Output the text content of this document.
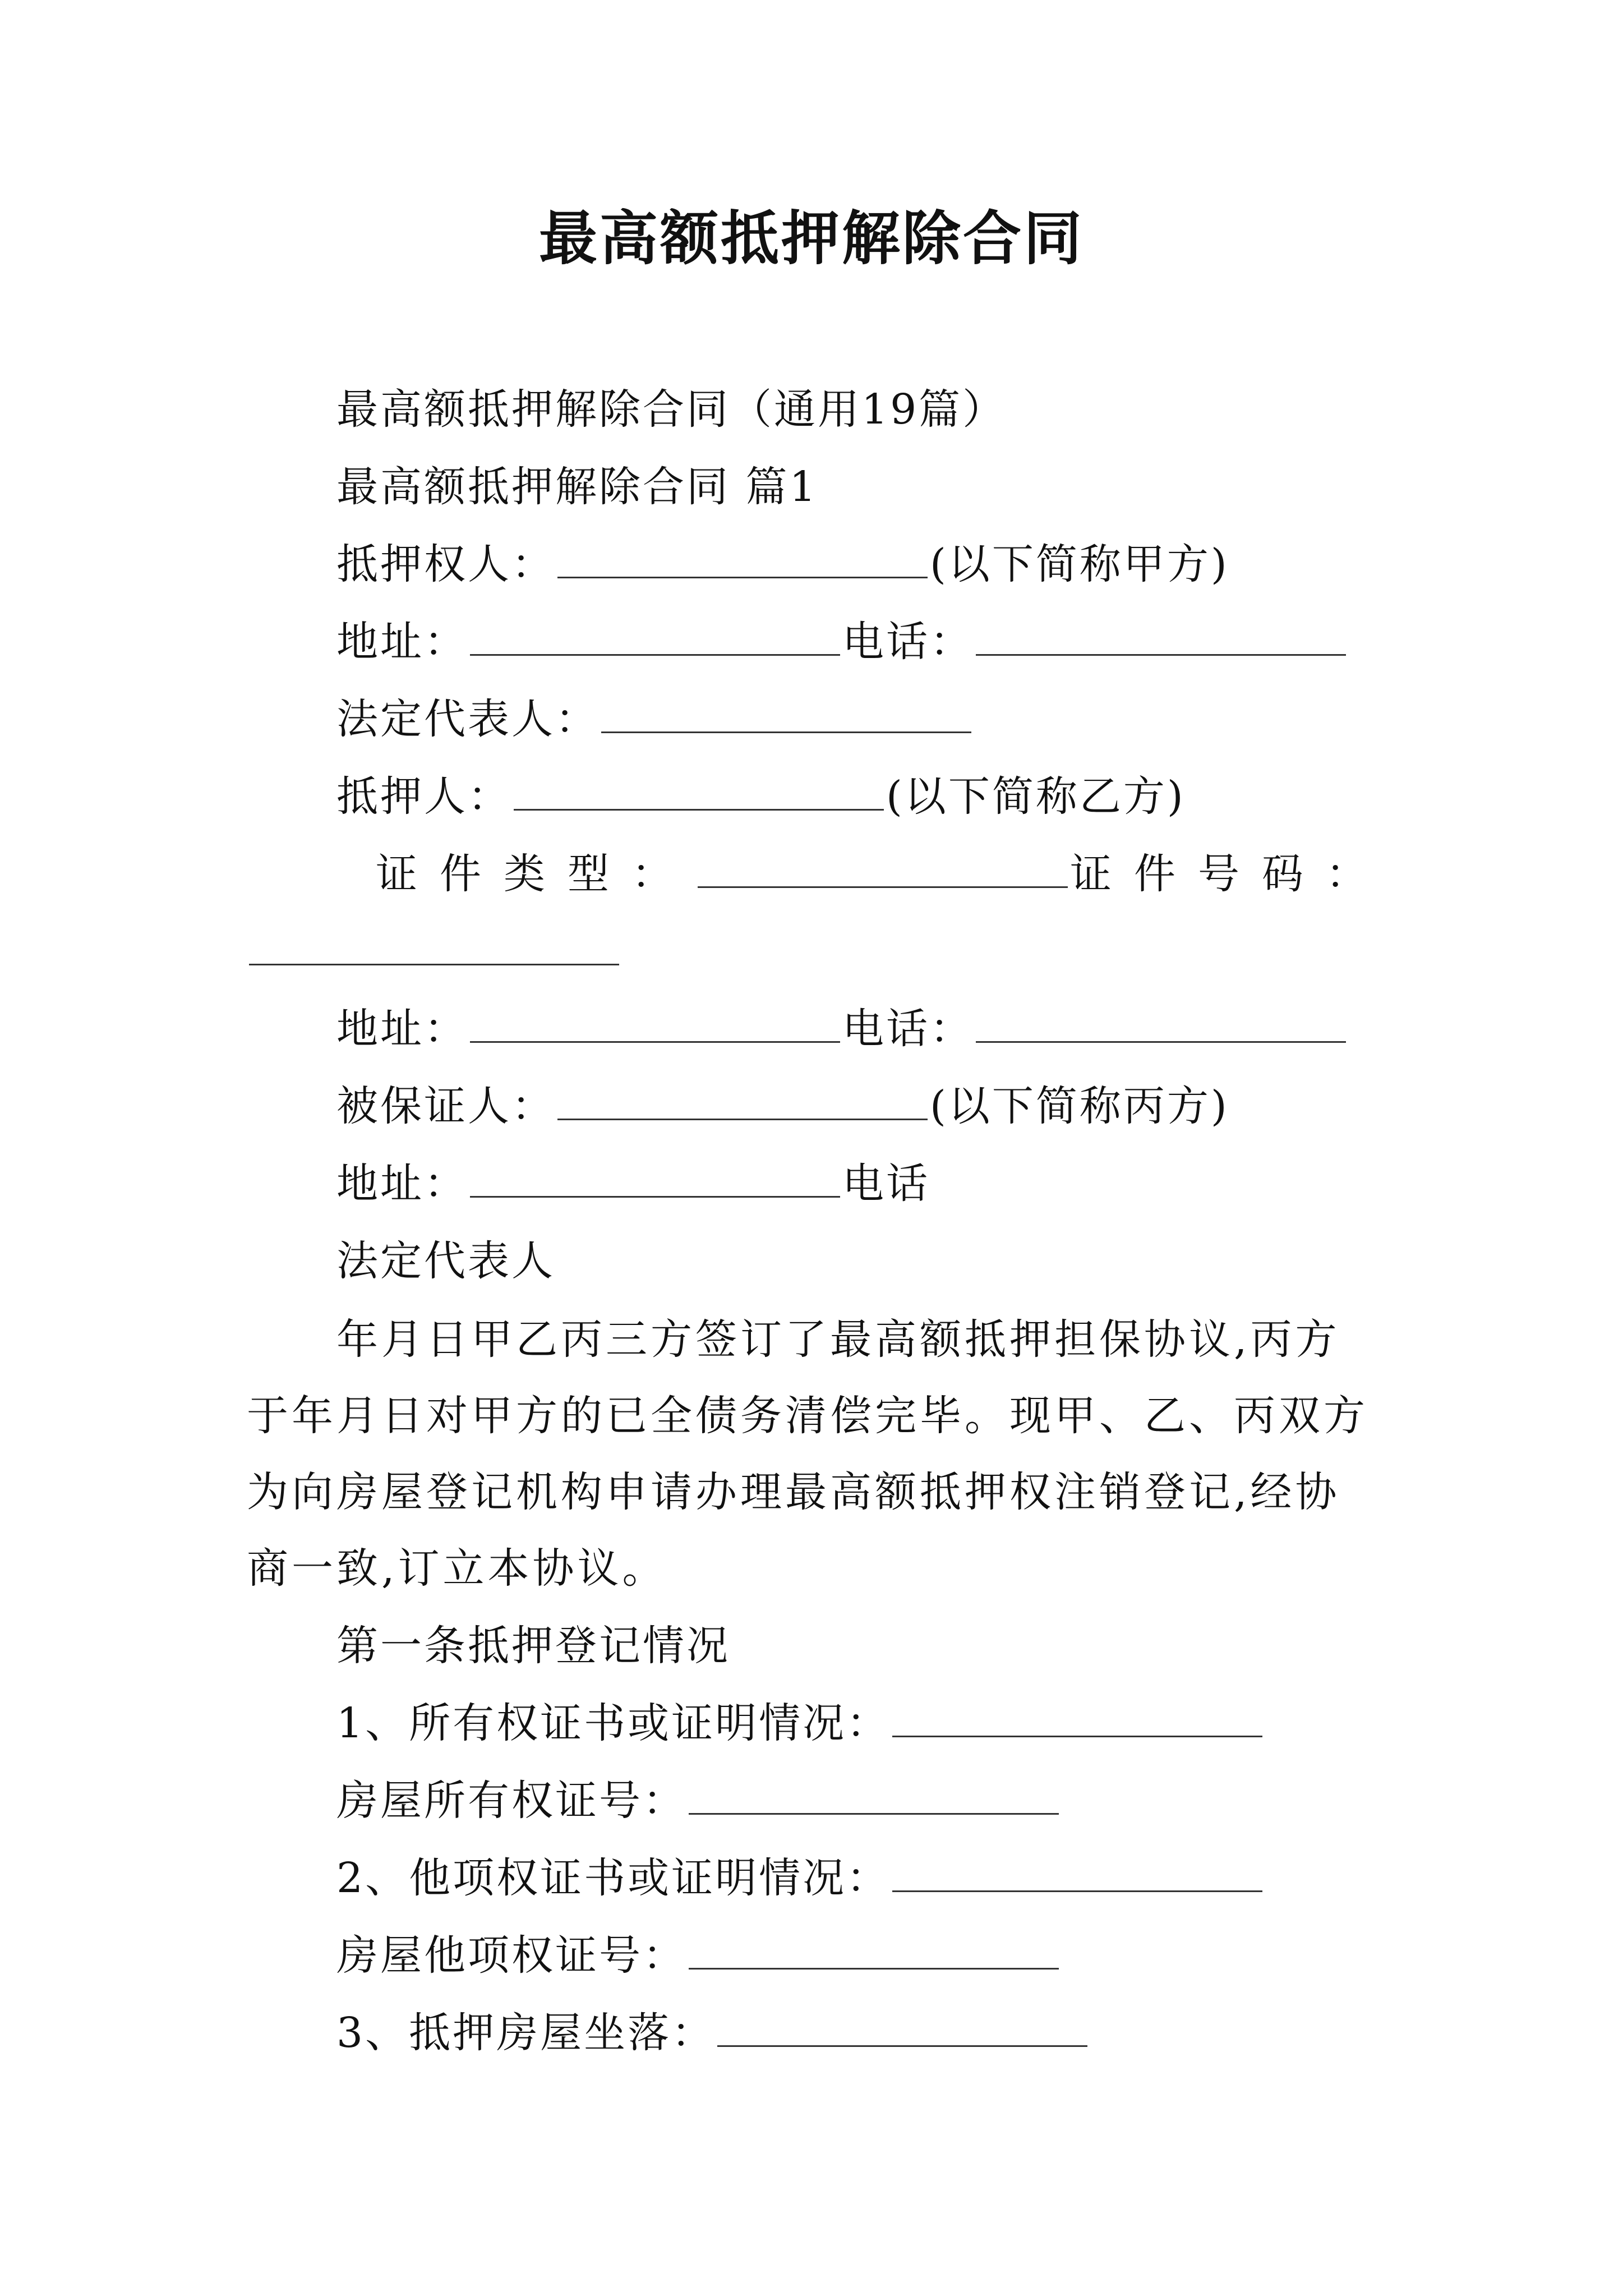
最高额抵押解除合同
最高额抵押解除合同（通用19篇）
最高额抵押解除合同 篇1
抵押权人：	(以下简称甲方)
地址：	电话：
法定代表人：
抵押人：	(以下简称乙方)
证件类型：	证件号码：
地址：	电话：
被保证人：	(以下简称丙方)
地址：	电话
法定代表人
年月日甲乙丙三方签订了最高额抵押担保协议,丙方于年月日对甲方的已全债务清偿完毕。现甲、乙、丙双方为向房屋登记机构申请办理最高额抵押权注销登记,经协商一致,订立本协议。
第一条抵押登记情况
1、所有权证书或证明情况：
房屋所有权证号：
2、他项权证书或证明情况：
房屋他项权证号：
3、抵押房屋坐落：
